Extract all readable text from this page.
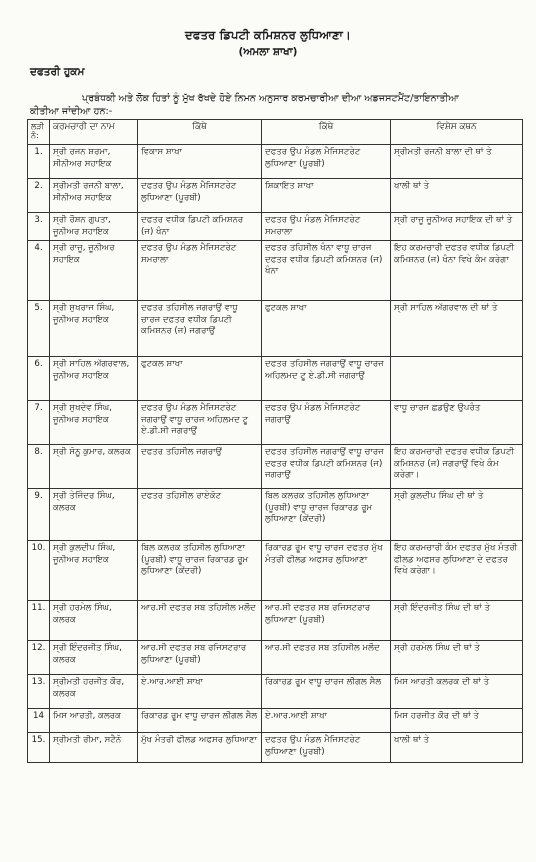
ਦਫਤਰ ਡਿਪਟੀ ਕਮਿਸ਼ਨਰ ਲੁਧਿਆਣਾ।
(ਅਮਲਾ ਸ਼ਾਖਾ)
ਦਫਤਰੀ ਹੁਕਮ
ਪ੍ਰਬੰਧਕੀ ਅਤੇ ਲੋਕ ਹਿਤਾਂ ਨੂੰ ਮੁੱਖ ਰੱਖਦੇ ਹੋਏ ਨਿਮਨ ਅਨੁਸਾਰ ਕਰਮਚਾਰੀਆ ਦੀਆ ਅਡਜਸਟਮੈਂਟ/ਤਾਇਨਾਤੀਆ
ਕੀਤੀਆ ਜਾਂਦੀਆ ਹਨ:-
ਲੜੀ ਨੰ:	ਕਰਮਚਾਰੀ ਦਾ ਨਾਮ	ਕਿੱਥੇ	ਕਿੱਥੇ	ਵਿਸ਼ੇਸ ਕਥਨ
1.	ਸ੍ਰੀ ਰਜਨ ਸ਼ਰਮਾ, ਸੀਨੀਅਰ ਸਹਾਇਕ	ਵਿਕਾਸ ਸ਼ਾਖਾ	ਦਫਤਰ ਉਪ ਮੰਡਲ ਮੈਜਿਸਟਰੇਟ ਲੁਧਿਆਣਾ (ਪੂਰਬੀ)	ਸ੍ਰੀਮਤੀ ਰਜਨੀ ਬਾਲਾ ਦੀ ਥਾਂ ਤੇ
2.	ਸ੍ਰੀਮਤੀ ਰਜਨੀ ਬਾਲਾ, ਸੀਨੀਅਰ ਸਹਾਇਕ	ਦਫਤਰ ਉਪ ਮੰਡਲ ਮੈਜਿਸਟਰੇਟ ਲੁਧਿਆਣਾ (ਪੂਰਬੀ)	ਸ਼ਿਕਾਇਤ ਸ਼ਾਖਾ	ਖਾਲੀ ਥਾਂ ਤੇ
3.	ਸ੍ਰੀ ਰੌਸ਼ਨ ਗੁਪਤਾ, ਜੂਨੀਅਰ ਸਹਾਇਕ	ਦਫਤਰ ਵਧੀਕ ਡਿਪਟੀ ਕਮਿਸ਼ਨਰ (ਜ) ਖੰਨਾ	ਦਫਤਰ ਉਪ ਮੰਡਲ ਮੈਜਿਸਟਰੇਟ ਸਮਰਾਲਾ	ਸ੍ਰੀ ਰਾਜੂ ਜੂਨੀਅਰ ਸਹਾਇਕ ਦੀ ਥਾਂ ਤੇ
4.	ਸ੍ਰੀ ਰਾਜੂ, ਜੂਨੀਅਰ ਸਹਾਇਕ	ਦਫਤਰ ਉਪ ਮੰਡਲ ਮੈਜਿਸਟਰੇਟ ਸਮਰਾਲਾ	ਦਫਤਰ ਤਹਿਸੀਲ ਖੰਨਾ ਵਾਧੂ ਚਾਰਜ ਦਫਤਰ ਵਧੀਕ ਡਿਪਟੀ ਕਮਿਸ਼ਨਰ (ਜ) ਖੰਨਾ	ਇਹ ਕਰਮਚਾਰੀ ਦਫਤਰ ਵਧੀਕ ਡਿਪਟੀ ਕਮਿਸ਼ਨਰ (ਜ) ਖੰਨਾ ਵਿਖੇ ਕੰਮ ਕਰੇਗਾ
5.	ਸ੍ਰੀ ਸੁਖਰਾਜ ਸਿੰਘ, ਜੂਨੀਅਰ ਸਹਾਇਕ	ਦਫਤਰ ਤਹਿਸੀਲ ਜਗਰਾਉਂ ਵਾਧੂ ਚਾਰਜ ਦਫਤਰ ਵਧੀਕ ਡਿਪਟੀ ਕਮਿਸ਼ਨਰ (ਜ) ਜਗਰਾਉਂ	ਫੁਟਕਲ ਸ਼ਾਖਾ	ਸ੍ਰੀ ਸਾਹਿਲ ਅੱਗਰਵਾਲ ਦੀ ਥਾਂ ਤੇ
6.	ਸ੍ਰੀ ਸਾਹਿਲ ਅੱਗਰਵਾਲ, ਜੂਨੀਅਰ ਸਹਾਇਕ	ਫੁਟਕਲ ਸ਼ਾਖਾ	ਦਫਤਰ ਤਹਿਸੀਲ ਜਗਰਾਉਂ ਵਾਧੂ ਚਾਰਜ ਅਹਿਲਮਦ ਟੂ ਏ.ਡੀ.ਸੀ ਜਗਰਾਉਂ	
7.	ਸ੍ਰੀ ਸੁਖਦੇਵ ਸਿੰਘ, ਜੂਨੀਅਰ ਸਹਾਇਕ	ਦਫਤਰ ਉਪ ਮੰਡਲ ਮੈਜਿਸਟਰੇਟ ਜਗਰਾਉਂ ਵਾਧੂ ਚਾਰਜ ਅਹਿਲਮਦ ਟੂ ਏ.ਡੀ.ਸੀ ਜਗਰਾਉਂ	ਦਫਤਰ ਉਪ ਮੰਡਲ ਮੈਜਿਸਟਰੇਟ ਜਗਰਾਉਂ	ਵਾਧੂ ਚਾਰਜ ਛਡਉਣ ਉਪਰੰਤ
8.	ਸ੍ਰੀ ਸੋਨੂ ਕੁਮਾਰ, ਕਲਰਕ	ਦਫਤਰ ਤਹਿਸੀਲ ਜਗਰਾਉਂ	ਦਫਤਰ ਤਹਿਸੀਲ ਜਗਰਾਉਂ ਵਾਧੂ ਚਾਰਜ ਦਫਤਰ ਵਧੀਕ ਡਿਪਟੀ ਕਮਿਸ਼ਨਰ (ਜ) ਜਗਰਾਉਂ	ਇਹ ਕਰਮਚਾਰੀ ਦਫਤਰ ਵਧੀਕ ਡਿਪਟੀ ਕਮਿਸ਼ਨਰ (ਜ) ਜਗਰਾਉਂ ਵਿਖੇ ਕੰਮ ਕਰੇਗਾ।
9.	ਸ੍ਰੀ ਤੇਜਿੰਦਰ ਸਿੰਘ, ਕਲਰਕ	ਦਫਤਰ ਤਹਿਸੀਲ ਰਾਏਕੋਟ	ਬਿਲ ਕਲਰਕ ਤਹਿਸੀਲ ਲੁਧਿਆਣਾ (ਪੂਰਬੀ) ਵਾਧੂ ਚਾਰਜ ਰਿਕਾਰਡ ਰੂਮ ਲੁਧਿਆਣਾ (ਕੇਂਦਰੀ)	ਸ੍ਰੀ ਕੁਲਦੀਪ ਸਿੰਘ ਦੀ ਥਾਂ ਤੇ
10.	ਸ੍ਰੀ ਕੁਲਦੀਪ ਸਿੰਘ, ਜੂਨੀਅਰ ਸਹਾਇਕ	ਬਿਲ ਕਲਰਕ ਤਹਿਸੀਲ ਲੁਧਿਆਣਾ (ਪੂਰਬੀ) ਵਾਧੂ ਚਾਰਜ ਰਿਕਾਰਡ ਰੂਮ ਲੁਧਿਆਣਾ (ਕੇਂਦਰੀ)	ਰਿਕਾਰਡ ਰੂਮ ਵਾਧੂ ਚਾਰਜ ਦਫਤਰ ਮੁੱਖ ਮੰਤਰੀ ਫੀਲਡ ਅਫਸਰ ਲੁਧਿਆਣਾ	ਇਹ ਕਰਮਚਾਰੀ ਕੰਮ ਦਫਤਰ ਮੁੱਖ ਮੰਤਰੀ ਫੀਲਡ ਅਫਸਰ ਲੁਧਿਆਣਾ ਦੇ ਦਫਤਰ ਵਿਖੇ ਕਰੇਗਾ।
11.	ਸ੍ਰੀ ਹਰਮੇਲ ਸਿੰਘ, ਕਲਰਕ	ਆਰ.ਸੀ ਦਫਤਰ ਸਬ ਤਹਿਸੀਲ ਮਲੌਦ	ਆਰ.ਸੀ ਦਫਤਰ ਸਬ ਰਜਿਸਟਰਾਰ ਲੁਧਿਆਣਾ (ਪੂਰਬੀ)	ਸ੍ਰੀ ਇੰਦਰਜੀਤ ਸਿੰਘ ਦੀ ਥਾਂ ਤੇ
12.	ਸ੍ਰੀ ਇੰਦਰਜੀਤ ਸਿੰਘ, ਕਲਰਕ	ਆਰ.ਸੀ ਦਫਤਰ ਸਬ ਰਜਿਸਟਰਾਰ ਲੁਧਿਆਣਾ (ਪੂਰਬੀ)	ਆਰ.ਸੀ ਦਫਤਰ ਸਬ ਤਹਿਸੀਲ ਮਲੌਦ	ਸ੍ਰੀ ਹਰਮੇਲ ਸਿੰਘ ਦੀ ਥਾਂ ਤੇ
13.	ਸ੍ਰੀਮਤੀ ਹਰਜੀਤ ਕੌਰ, ਕਲਰਕ	ਏ.ਆਰ.ਆਈ ਸ਼ਾਖਾ	ਰਿਕਾਰਡ ਰੂਮ ਵਾਧੂ ਚਾਰਜ ਲੀਗਲ ਸੈਲ	ਮਿਸ ਆਰਤੀ ਕਲਰਕ ਦੀ ਥਾਂ ਤੇ
14	ਮਿਸ ਆਰਤੀ, ਕਲਰਕ	ਰਿਕਾਰਡ ਰੂਮ ਵਾਧੂ ਚਾਰਜ ਲੀਗਲ ਸੈਲ	ਏ.ਆਰ.ਆਈ ਸ਼ਾਖਾ	ਮਿਸ ਹਰਜੀਤ ਕੌਰ ਦੀ ਥਾਂ ਤੇ
15.	ਸ੍ਰੀਮਤੀ ਰੀਮਾ, ਸਟੈਨੋ	ਮੁੱਖ ਮੰਤਰੀ ਫੀਲਡ ਅਫਸਰ ਲੁਧਿਆਣਾ	ਦਫਤਰ ਉਪ ਮੰਡਲ ਮੈਜਿਸਟਰੇਟ ਲੁਧਿਆਣਾ (ਪੂਰਬੀ)	ਖਾਲੀ ਥਾਂ ਤੇ
